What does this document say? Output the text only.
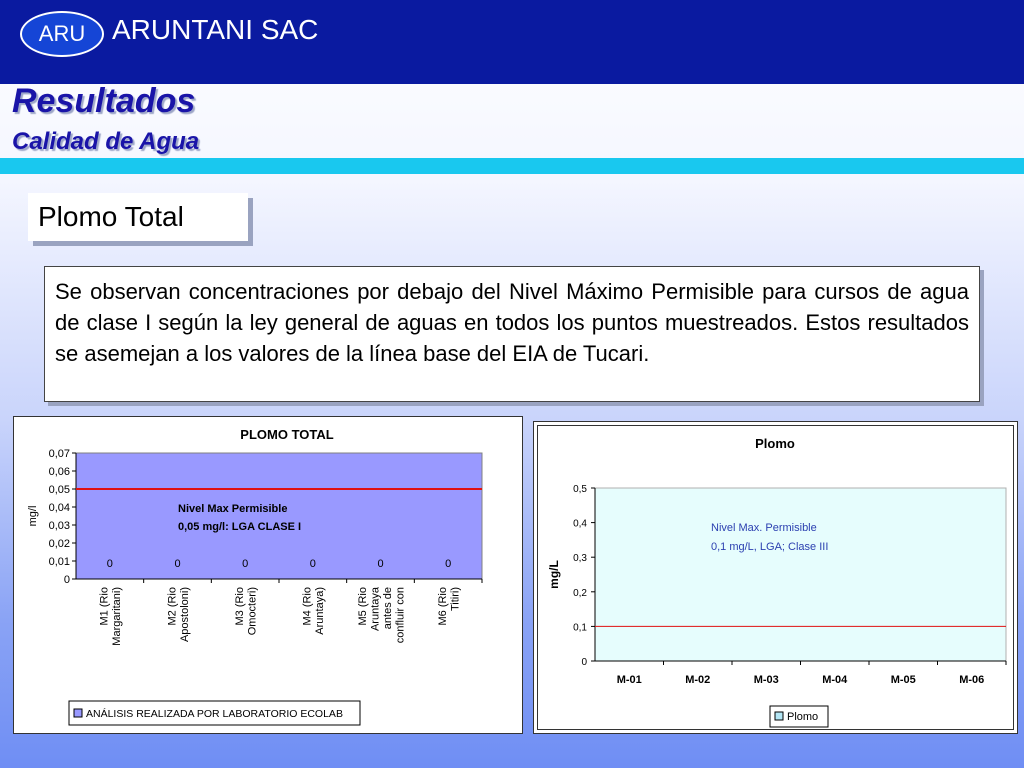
ARU ARUNTANI SAC
Resultados
Calidad de Agua
Plomo Total
Se observan concentraciones por debajo del Nivel Máximo Permisible para cursos de agua de clase I según la ley general de aguas en todos los puntos muestreados. Estos resultados se asemejan a los valores de la línea base del EIA de Tucari.
PLOMO TOTAL
0
0,01
0,02
0,03
0,04
0,05
0,06
0,07
mg/l
0
M1 (RioMargaritani)
0
M2 (RioApostoloni)
0
M3 (RioOmocteri)
0
M4 (RioAruntaya)
0
M5 (RioAruntayaantes deconfluir con
0
M6 (RioTitiri)
Nivel Max Permisible
0,05 mg/l: LGA CLASE I
ANÁLISIS REALIZADA POR LABORATORIO ECOLAB
Plomo
0
0,1
0,2
0,3
0,4
0,5
mg/L
M-01	M-02	M-03	M-04	M-05	M-06
Nivel Max. Permisible
0,1 mg/L, LGA; Clase III
Plomo
